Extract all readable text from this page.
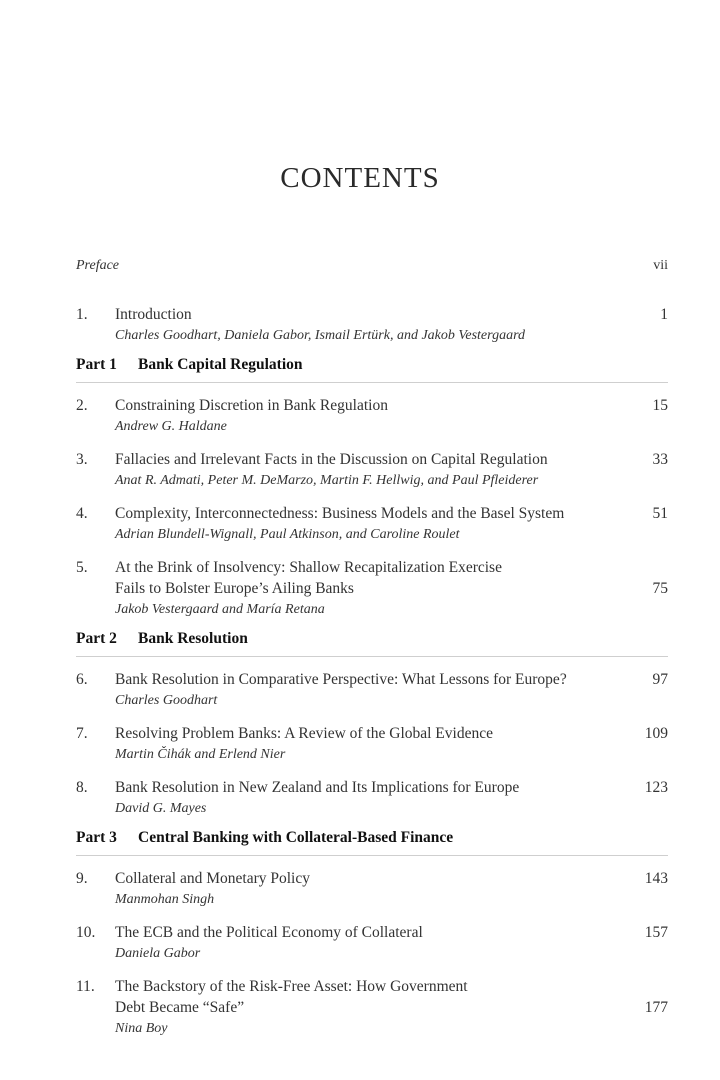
CONTENTS
Preface	vii
1. Introduction
Charles Goodhart, Daniela Gabor, Ismail Ertürk, and Jakob Vestergaard
1
Part 1 Bank Capital Regulation
2. Constraining Discretion in Bank Regulation
Andrew G. Haldane
15
3. Fallacies and Irrelevant Facts in the Discussion on Capital Regulation
Anat R. Admati, Peter M. DeMarzo, Martin F. Hellwig, and Paul Pfleiderer
33
4. Complexity, Interconnectedness: Business Models and the Basel System
Adrian Blundell-Wignall, Paul Atkinson, and Caroline Roulet
51
5. At the Brink of Insolvency: Shallow Recapitalization Exercise
Fails to Bolster Europe’s Ailing Banks
Jakob Vestergaard and María Retana
75
Part 2 Bank Resolution
6. Bank Resolution in Comparative Perspective: What Lessons for Europe?
Charles Goodhart
97
7. Resolving Problem Banks: A Review of the Global Evidence
Martin Čihák and Erlend Nier
109
8. Bank Resolution in New Zealand and Its Implications for Europe
David G. Mayes
123
Part 3 Central Banking with Collateral-Based Finance
9. Collateral and Monetary Policy
Manmohan Singh
143
10. The ECB and the Political Economy of Collateral
Daniela Gabor
157
11. The Backstory of the Risk-Free Asset: How Government
Debt Became “Safe”
Nina Boy
177
